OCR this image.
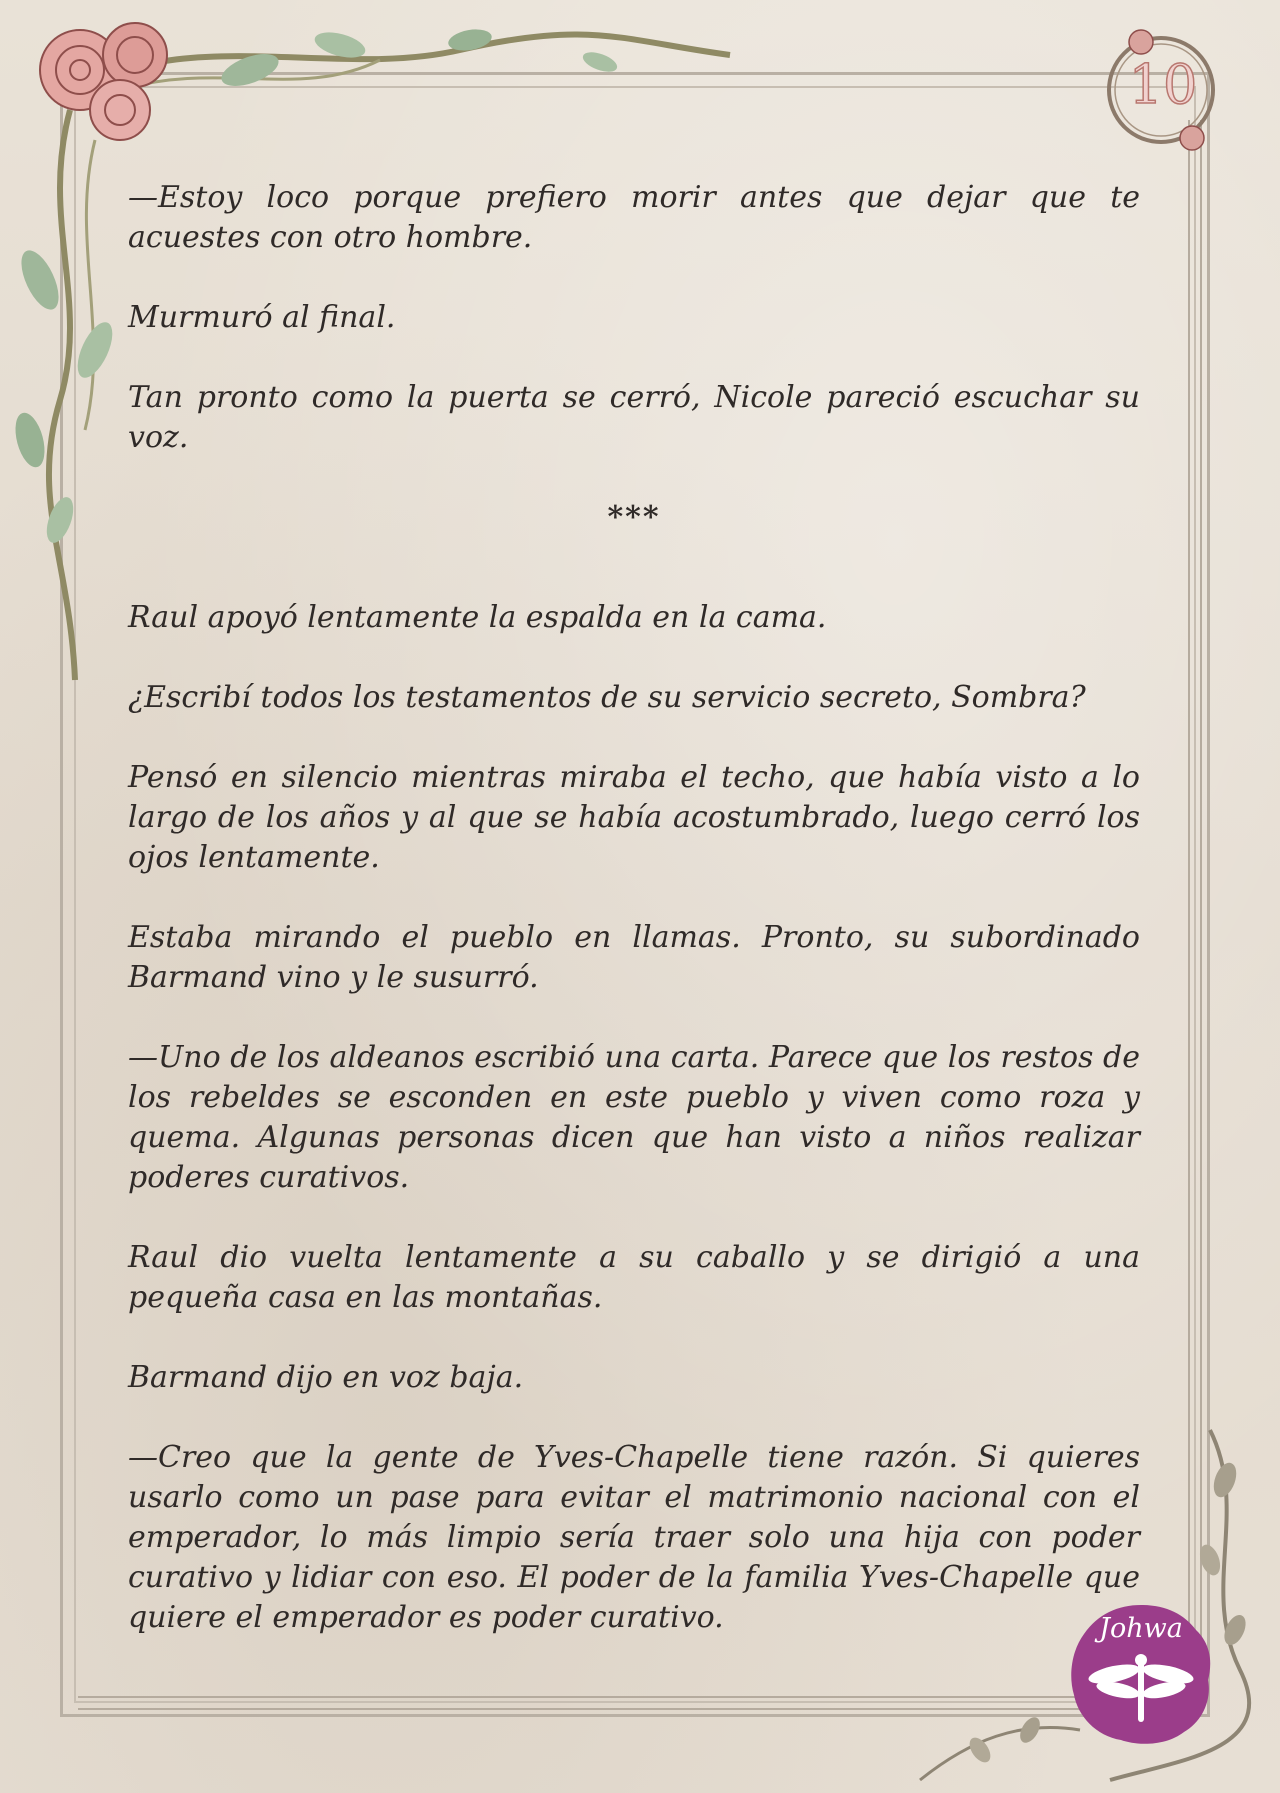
10

—Estoy loco porque prefiero morir antes que dejar que te acuestes con otro hombre.

Murmuró al final.

Tan pronto como la puerta se cerró, Nicole pareció escuchar su voz.

***

Raul apoyó lentamente la espalda en la cama.

¿Escribí todos los testamentos de su servicio secreto, Sombra?

Pensó en silencio mientras miraba el techo, que había visto a lo largo de los años y al que se había acostumbrado, luego cerró los ojos lentamente.

Estaba mirando el pueblo en llamas. Pronto, su subordinado Barmand vino y le susurró.

—Uno de los aldeanos escribió una carta. Parece que los restos de los rebeldes se esconden en este pueblo y viven como roza y quema. Algunas personas dicen que han visto a niños realizar poderes curativos.

Raul dio vuelta lentamente a su caballo y se dirigió a una pequeña casa en las montañas.

Barmand dijo en voz baja.

—Creo que la gente de Yves-Chapelle tiene razón. Si quieres usarlo como un pase para evitar el matrimonio nacional con el emperador, lo más limpio sería traer solo una hija con poder curativo y lidiar con eso. El poder de la familia Yves-Chapelle que quiere el emperador es poder curativo.	Johwa
